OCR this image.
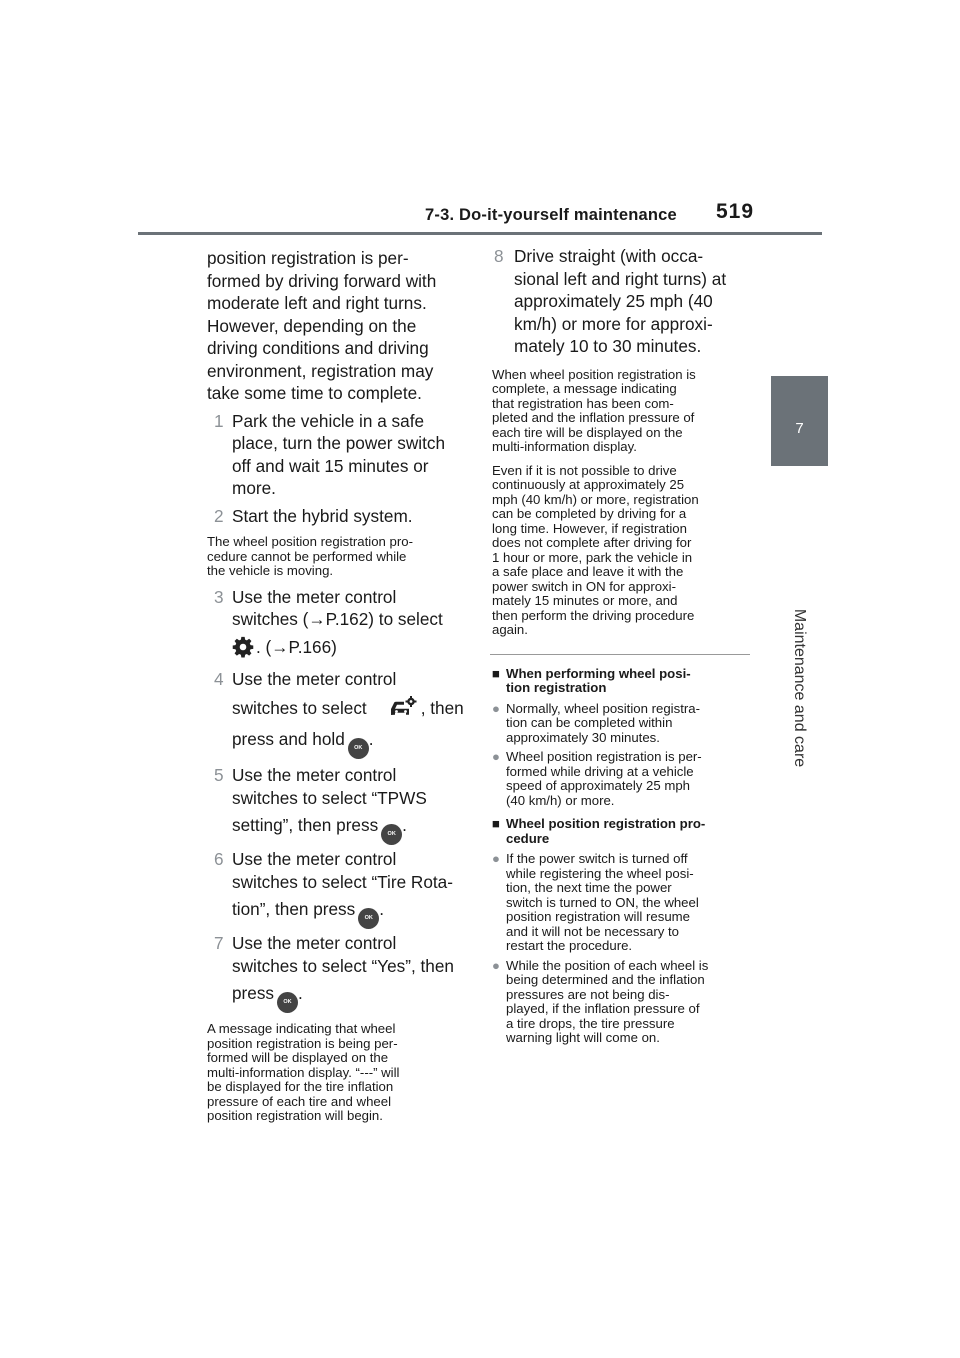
7-3. Do-it-yourself maintenance 519
7
Maintenance and care

position registration is per-
formed by driving forward with
moderate left and right turns.
However, depending on the
driving conditions and driving
environment, registration may
take some time to complete.

1 Park the vehicle in a safe
place, turn the power switch
off and wait 15 minutes or
more.
2 Start the hybrid system.

The wheel position registration pro-
cedure cannot be performed while
the vehicle is moving.

3 Use the meter control
switches (→P.162) to select
. (→P.166)
4 Use the meter control
switches to select	, then
press and hold OK .
5 Use the meter control
switches to select “TPWS
setting”, then press OK .
6 Use the meter control
switches to select “Tire Rota-
tion”, then press OK .
7 Use the meter control
switches to select “Yes”, then
press OK .

A message indicating that wheel
position registration is being per-
formed will be displayed on the
multi-information display. “---” will
be displayed for the tire inflation
pressure of each tire and wheel
position registration will begin.

8 Drive straight (with occa-
sional left and right turns) at
approximately 25 mph (40
km/h) or more for approxi-
mately 10 to 30 minutes.

When wheel position registration is
complete, a message indicating
that registration has been com-
pleted and the inflation pressure of
each tire will be displayed on the
multi-information display.

Even if it is not possible to drive
continuously at approximately 25
mph (40 km/h) or more, registration
can be completed by driving for a
long time. However, if registration
does not complete after driving for
1 hour or more, park the vehicle in
a safe place and leave it with the
power switch in ON for approxi-
mately 15 minutes or more, and
then perform the driving procedure
again.

■ When performing wheel posi-
tion registration
● Normally, wheel position registra-
tion can be completed within
approximately 30 minutes.
● Wheel position registration is per-
formed while driving at a vehicle
speed of approximately 25 mph
(40 km/h) or more.
■ Wheel position registration pro-
cedure
● If the power switch is turned off
while registering the wheel posi-
tion, the next time the power
switch is turned to ON, the wheel
position registration will resume
and it will not be necessary to
restart the procedure.
● While the position of each wheel is
being determined and the inflation
pressures are not being dis-
played, if the inflation pressure of
a tire drops, the tire pressure
warning light will come on.
